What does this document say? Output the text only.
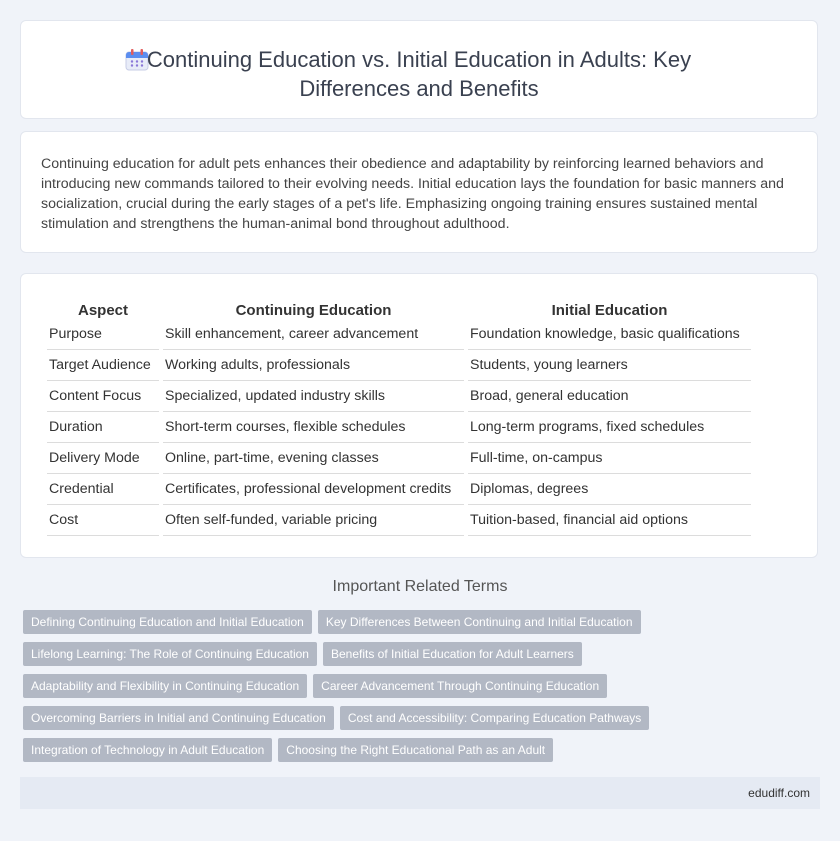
Continuing Education vs. Initial Education in Adults: Key Differences and Benefits

Continuing education for adult pets enhances their obedience and adaptability by reinforcing learned behaviors and introducing new commands tailored to their evolving needs. Initial education lays the foundation for basic manners and socialization, crucial during the early stages of a pet's life. Emphasizing ongoing training ensures sustained mental stimulation and strengthens the human-animal bond throughout adulthood.

Aspect	Continuing Education	Initial Education
Purpose	Skill enhancement, career advancement	Foundation knowledge, basic qualifications
Target Audience	Working adults, professionals	Students, young learners
Content Focus	Specialized, updated industry skills	Broad, general education
Duration	Short-term courses, flexible schedules	Long-term programs, fixed schedules
Delivery Mode	Online, part-time, evening classes	Full-time, on-campus
Credential	Certificates, professional development credits	Diplomas, degrees
Cost	Often self-funded, variable pricing	Tuition-based, financial aid options
Important Related Terms
Defining Continuing Education and Initial Education Key Differences Between Continuing and Initial Education
Lifelong Learning: The Role of Continuing Education Benefits of Initial Education for Adult Learners
Adaptability and Flexibility in Continuing Education Career Advancement Through Continuing Education
Overcoming Barriers in Initial and Continuing Education Cost and Accessibility: Comparing Education Pathways
Integration of Technology in Adult Education Choosing the Right Educational Path as an Adult
edudiff.com
